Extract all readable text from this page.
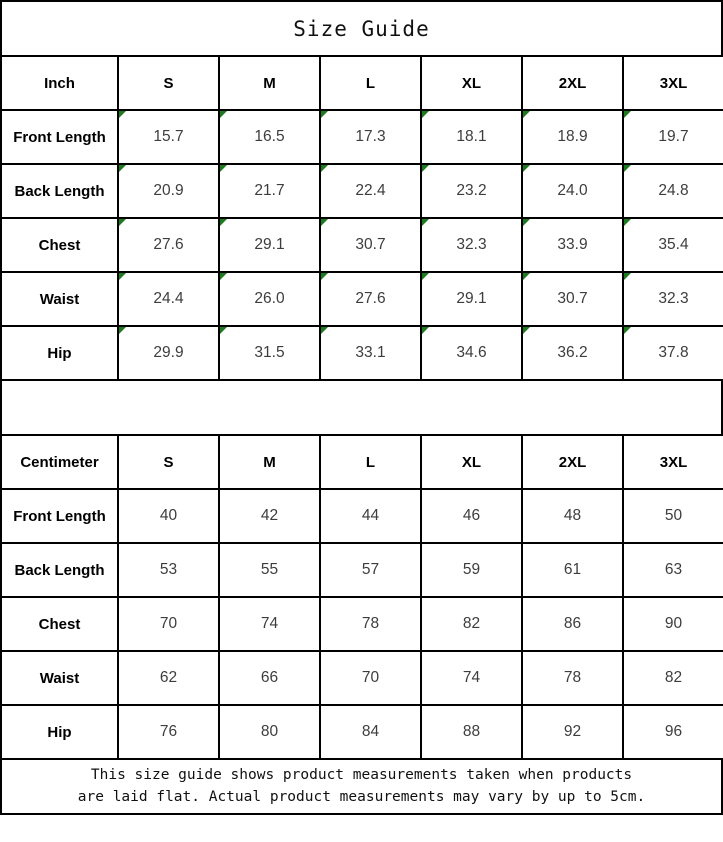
Size Guide
Inch	S	M	L	XL	2XL	3XL
Front Length	15.7	16.5	17.3	18.1	18.9	19.7

Back Length	20.9	21.7	22.4	23.2	24.0	24.8

Chest	27.6	29.1	30.7	32.3	33.9	35.4

Waist	24.4	26.0	27.6	29.1	30.7	32.3

Hip	29.9	31.5	33.1	34.6	36.2	37.8
Centimeter	S	M	L	XL	2XL	3XL
Front Length	40	42	44	46	48	50
Back Length	53	55	57	59	61	63
Chest	70	74	78	82	86	90
Waist	62	66	70	74	78	82
Hip	76	80	84	88	92	96
This size guide shows product measurements taken when products
are laid flat. Actual product measurements may vary by up to 5cm.
